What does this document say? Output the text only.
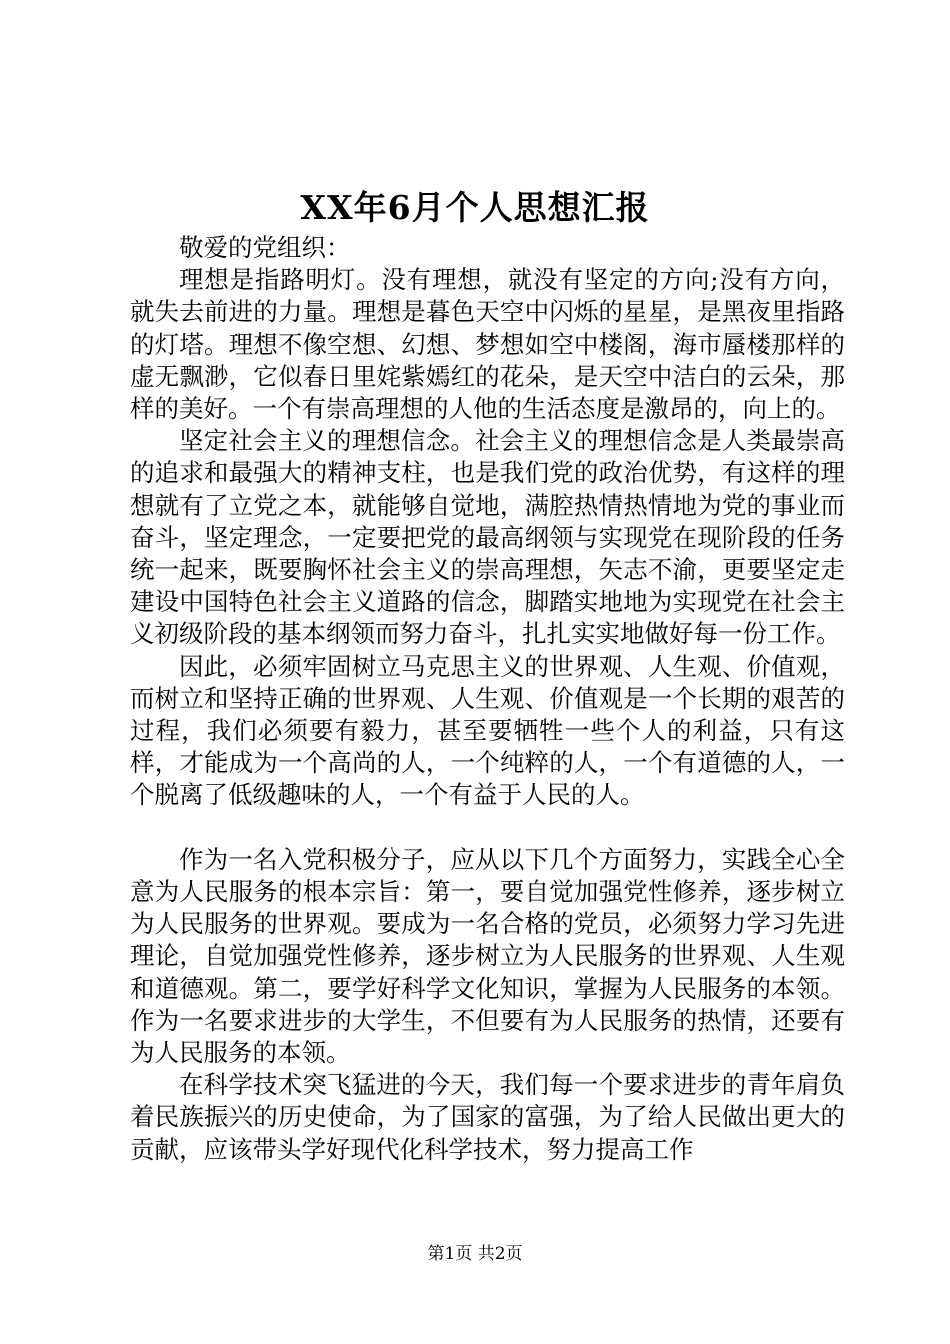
XX年6月个人思想汇报

敬爱的党组织：

理想是指路明灯。没有理想，就没有坚定的方向;没有方向，就失去前进的力量。理想是暮色天空中闪烁的星星，是黑夜里指路的灯塔。理想不像空想、幻想、梦想如空中楼阁，海市蜃楼那样的虚无飘渺，它似春日里姹紫嫣红的花朵，是天空中洁白的云朵，那样的美好。一个有崇高理想的人他的生活态度是激昂的，向上的。

坚定社会主义的理想信念。社会主义的理想信念是人类最崇高的追求和最强大的精神支柱，也是我们党的政治优势，有这样的理想就有了立党之本，就能够自觉地，满腔热情热情地为党的事业而奋斗，坚定理念，一定要把党的最高纲领与实现党在现阶段的任务统一起来，既要胸怀社会主义的崇高理想，矢志不渝，更要坚定走建设中国特色社会主义道路的信念，脚踏实地地为实现党在社会主义初级阶段的基本纲领而努力奋斗，扎扎实实地做好每一份工作。

因此，必须牢固树立马克思主义的世界观、人生观、价值观，而树立和坚持正确的世界观、人生观、价值观是一个长期的艰苦的过程，我们必须要有毅力，甚至要牺牲一些个人的利益，只有这样，才能成为一个高尚的人，一个纯粹的人，一个有道德的人，一个脱离了低级趣味的人，一个有益于人民的人。

作为一名入党积极分子，应从以下几个方面努力，实践全心全意为人民服务的根本宗旨：第一，要自觉加强党性修养，逐步树立为人民服务的世界观。要成为一名合格的党员，必须努力学习先进理论，自觉加强党性修养，逐步树立为人民服务的世界观、人生观和道德观。第二，要学好科学文化知识，掌握为人民服务的本领。作为一名要求进步的大学生，不但要有为人民服务的热情，还要有为人民服务的本领。

在科学技术突飞猛进的今天，我们每一个要求进步的青年肩负着民族振兴的历史使命，为了国家的富强，为了给人民做出更大的贡献，应该带头学好现代化科学技术，努力提高工作

第1页 共2页
